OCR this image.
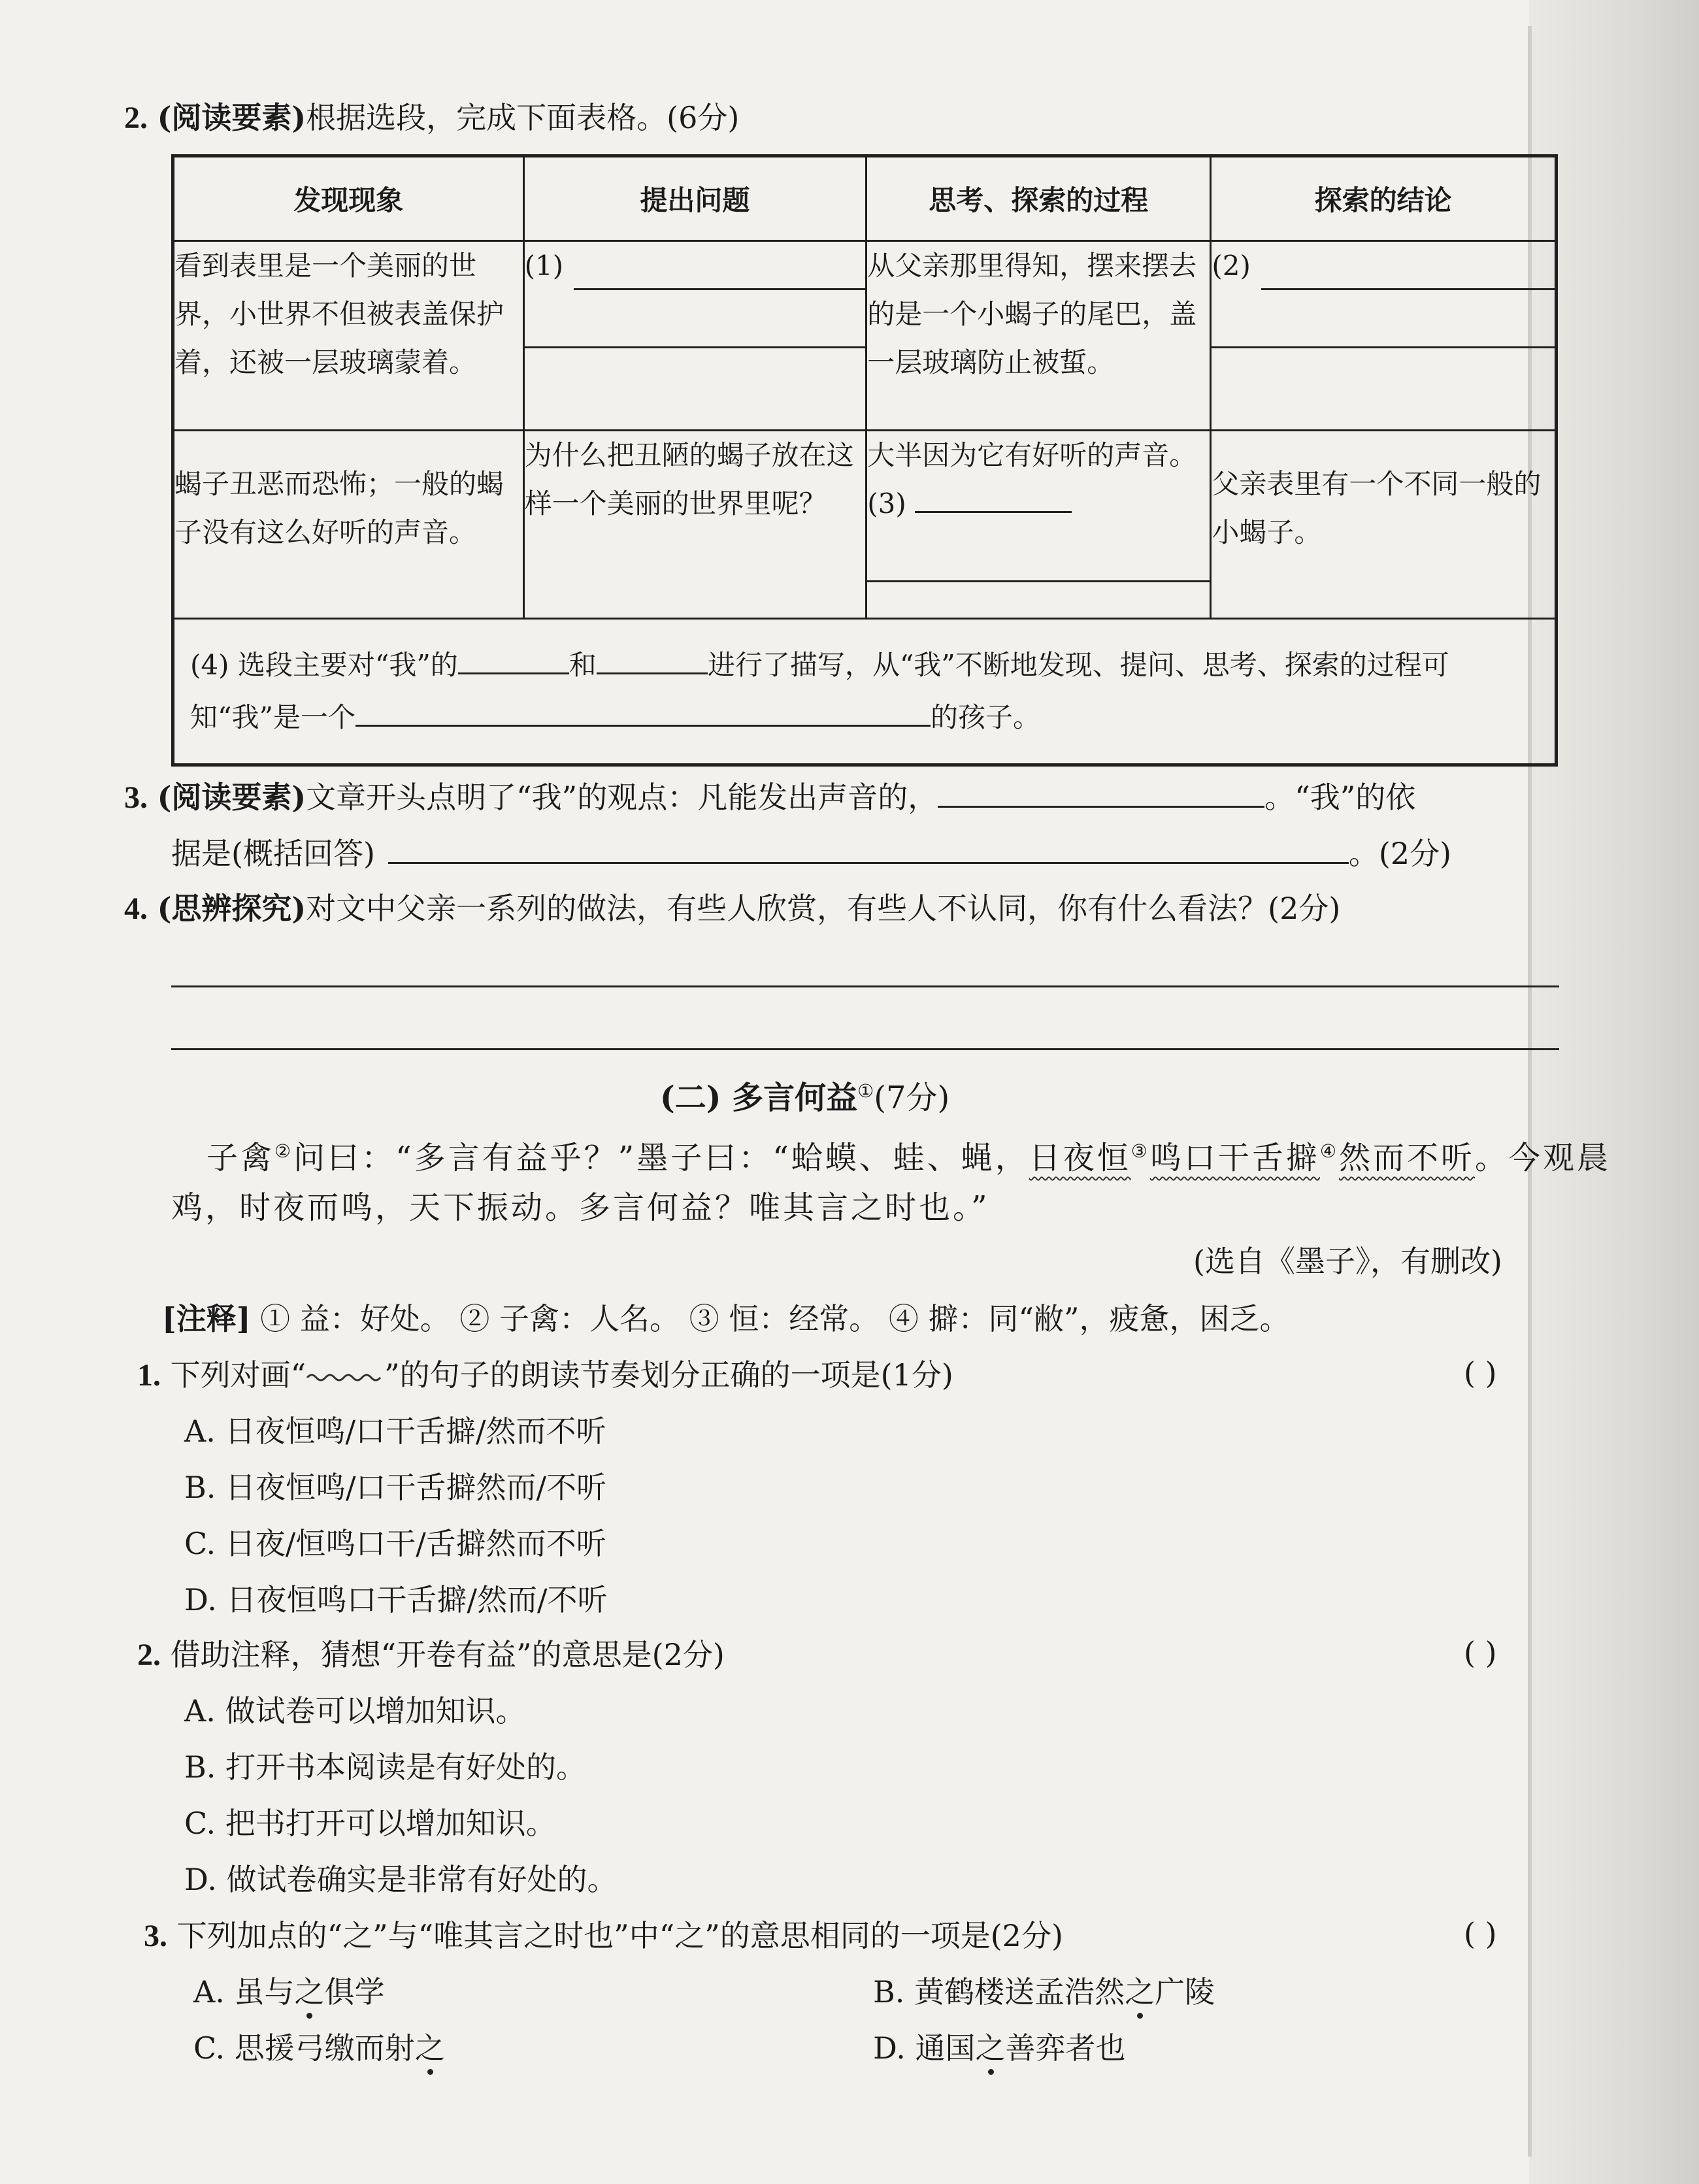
2. (阅读要素)根据选段，完成下面表格。(6分)
发现现象	提出问题	思考、探索的过程	探索的结论
看到表里是一个美丽的世界，小世界不但被表盖保护着，还被一层玻璃蒙着。	(1)	从父亲那里得知，摆来摆去的是一个小蝎子的尾巴，盖一层玻璃防止被蜇。	(2)

蝎子丑恶而恐怖；一般的蝎子没有这么好听的声音。	为什么把丑陋的蝎子放在这样一个美丽的世界里呢？	大半因为它有好听的声音。 (3)	父亲表里有一个不同一般的小蝎子。
(4) 选段主要对“我”的 和 进行了描写，从“我”不断地发现、提问、思考、探索的过程可
知“我”是一个 的孩子。			
3. (阅读要素)文章开头点明了“我”的观点：凡能发出声音的，	。“我”的依
据是(概括回答)	。(2分)
4. (思辨探究)对文中父亲一系列的做法，有些人欣赏，有些人不认同，你有什么看法？(2分)
(二) 多言何益①(7分)
子禽②问曰：“多言有益乎？”墨子曰：“蛤蟆、蛙、蝇，日夜恒③鸣口干舌擗④然而不听。今观晨
鸡，时夜而鸣，天下振动。多言何益？唯其言之时也。”
(选自《墨子》，有删改)
[注释] ① 益：好处。 ② 子禽：人名。 ③ 恒：经常。 ④ 擗：同“敝”，疲惫，困乏。
1. 下列对画“	”的句子的朗读节奏划分正确的一项是(1分)	( )
A. 日夜恒鸣/口干舌擗/然而不听
B. 日夜恒鸣/口干舌擗然而/不听
C. 日夜/恒鸣口干/舌擗然而不听
D. 日夜恒鸣口干舌擗/然而/不听
2. 借助注释，猜想“开卷有益”的意思是(2分)	( )
A. 做试卷可以增加知识。
B. 打开书本阅读是有好处的。
C. 把书打开可以增加知识。
D. 做试卷确实是非常有好处的。
3. 下列加点的“之”与“唯其言之时也”中“之”的意思相同的一项是(2分)	( )
A. 虽与之俱学	B. 黄鹤楼送孟浩然之广陵
C. 思援弓缴而射之	D. 通国之善弈者也
